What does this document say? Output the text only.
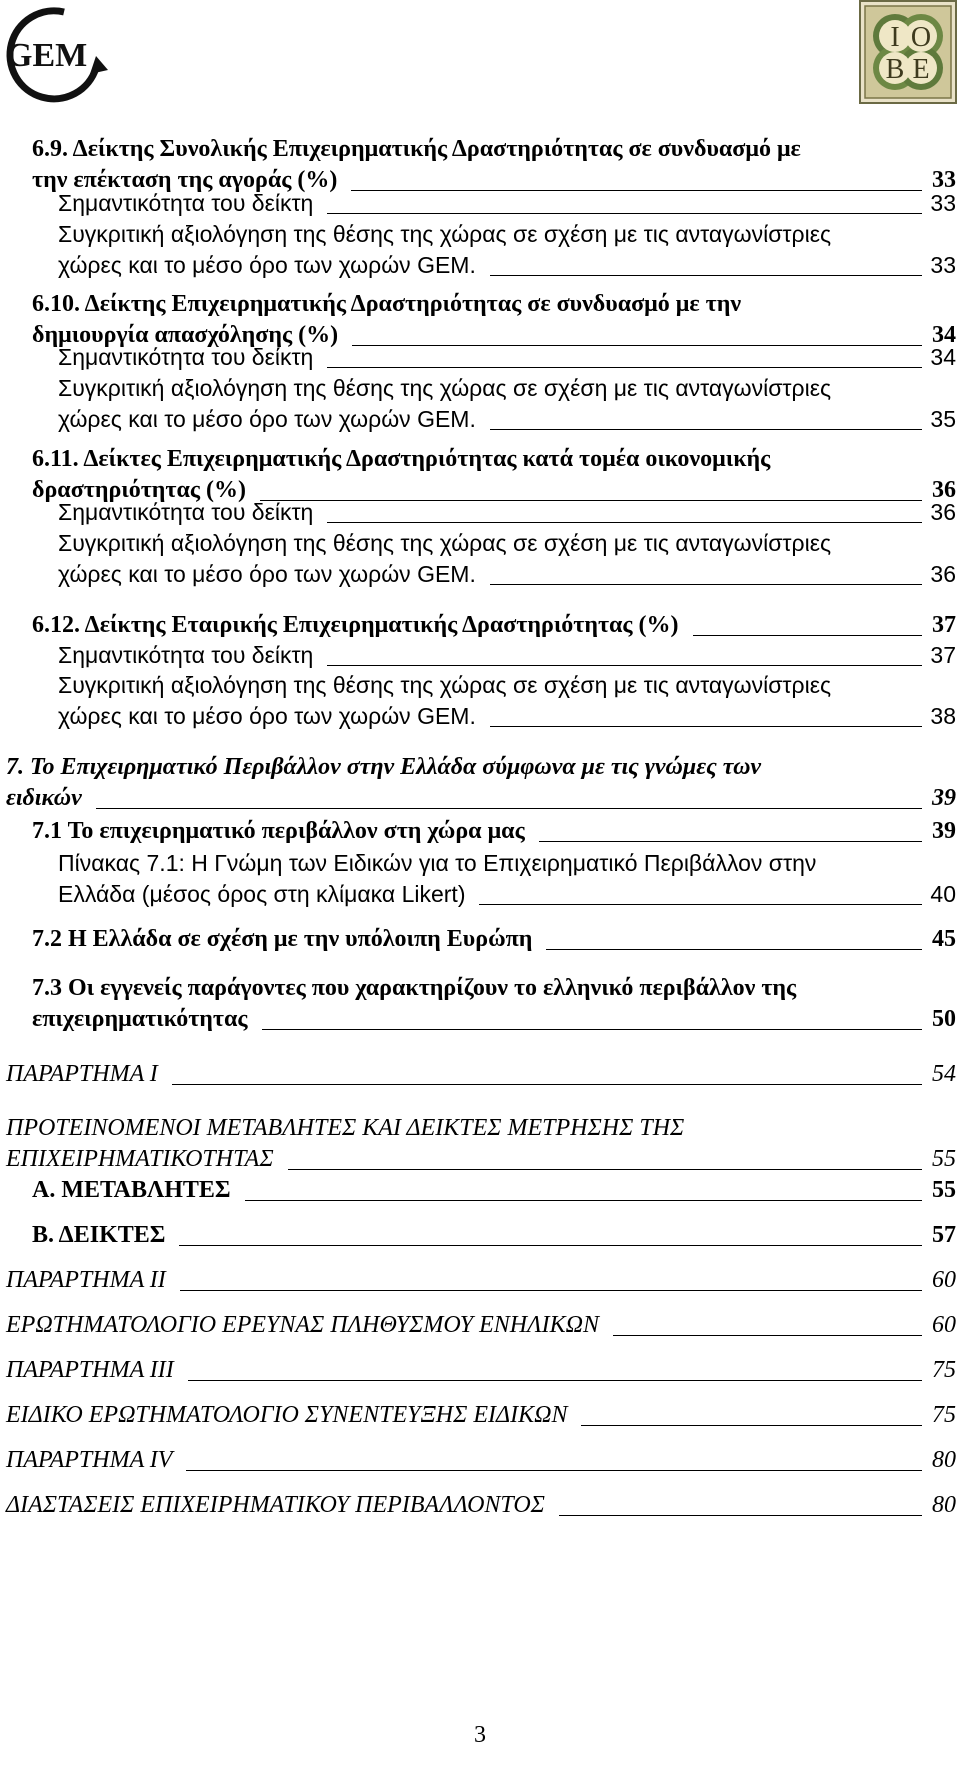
GEM	I O
B E
6.9. Δείκτης Συνολικής Επιχειρηματικής Δραστηριότητας σε συνδυασμό με
την επέκταση της αγοράς (%)	33
Σημαντικότητα του δείκτη	33
Συγκριτική αξιολόγηση της θέσης της χώρας σε σχέση με τις ανταγωνίστριες
χώρες και το μέσο όρο των χωρών GEM.	33
6.10. Δείκτης Επιχειρηματικής Δραστηριότητας σε συνδυασμό με την
δημιουργία απασχόλησης (%)	34
Σημαντικότητα του δείκτη	34
Συγκριτική αξιολόγηση της θέσης της χώρας σε σχέση με τις ανταγωνίστριες
χώρες και το μέσο όρο των χωρών GEM.	35
6.11. Δείκτες Επιχειρηματικής Δραστηριότητας κατά τομέα οικονομικής
δραστηριότητας (%)	36
Σημαντικότητα του δείκτη	36
Συγκριτική αξιολόγηση της θέσης της χώρας σε σχέση με τις ανταγωνίστριες
χώρες και το μέσο όρο των χωρών GEM.	36
6.12. Δείκτης Εταιρικής Επιχειρηματικής Δραστηριότητας (%)	37
Σημαντικότητα του δείκτη	37
Συγκριτική αξιολόγηση της θέσης της χώρας σε σχέση με τις ανταγωνίστριες
χώρες και το μέσο όρο των χωρών GEM.	38
7. Το Επιχειρηματικό Περιβάλλον στην Ελλάδα σύμφωνα με τις γνώμες των
ειδικών	39
7.1 Το επιχειρηματικό περιβάλλον στη χώρα μας	39
Πίνακας 7.1: Η Γνώμη των Ειδικών για το Επιχειρηματικό Περιβάλλον στην
Ελλάδα (μέσος όρος στη κλίμακα Likert)	40
7.2 Η Ελλάδα σε σχέση με την υπόλοιπη Ευρώπη	45
7.3 Οι εγγενείς παράγοντες που χαρακτηρίζουν το ελληνικό περιβάλλον της
επιχειρηματικότητας	50
ΠΑΡΑΡΤΗΜΑ Ι	54
ΠΡΟΤΕΙΝΟΜΕΝΟΙ ΜΕΤΑΒΛΗΤΕΣ ΚΑΙ ΔΕΙΚΤΕΣ ΜΕΤΡΗΣΗΣ ΤΗΣ
ΕΠΙΧΕΙΡΗΜΑΤΙΚΟΤΗΤΑΣ	55
Α. ΜΕΤΑΒΛΗΤΕΣ	55
Β. ΔΕΙΚΤΕΣ	57
ΠΑΡΑΡΤΗΜΑ ΙΙ	60
ΕΡΩΤΗΜΑΤΟΛΟΓΙΟ ΕΡΕΥΝΑΣ ΠΛΗΘΥΣΜΟΥ ΕΝΗΛΙΚΩΝ	60
ΠΑΡΑΡΤΗΜΑ ΙΙΙ	75
ΕΙΔΙΚΟ ΕΡΩΤΗΜΑΤΟΛΟΓΙΟ ΣΥΝΕΝΤΕΥΞΗΣ ΕΙΔΙΚΩΝ	75
ΠΑΡΑΡΤΗΜΑ ΙV	80
ΔΙΑΣΤΑΣΕΙΣ ΕΠΙΧΕΙΡΗΜΑΤΙΚΟΥ ΠΕΡΙΒΑΛΛΟΝΤΟΣ	80
3
